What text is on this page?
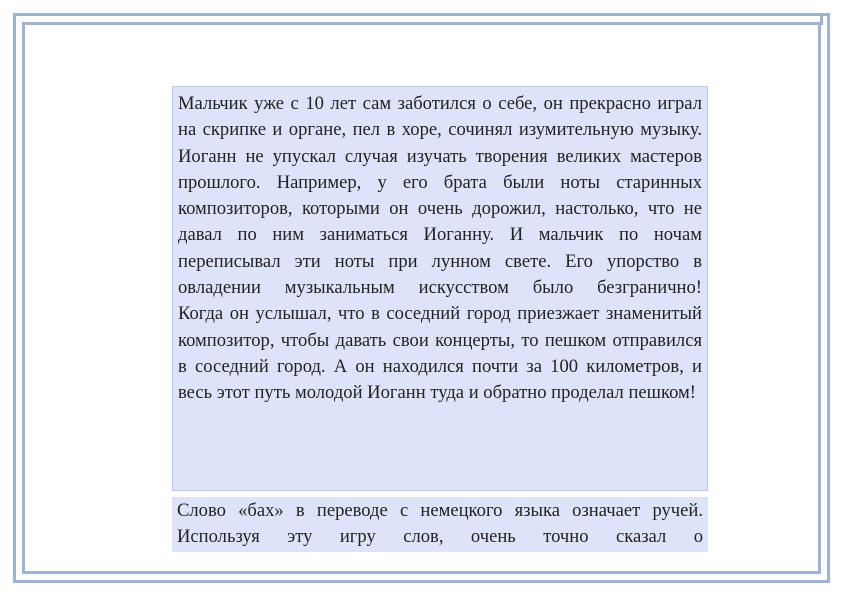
Мальчик уже с 10 лет сам заботился о себе, он прекрасно играл на скрипке и органе, пел в хоре, сочинял изумительную музыку.

Иоганн не упускал случая изучать творения великих мастеров прошлого. Например, у его брата были ноты старинных композиторов, которыми он очень дорожил, настолько, что не давал по ним заниматься Иоганну. И мальчик по ночам переписывал эти ноты при лунном свете. Его упорство в овладении музыкальным искусством было безгранично!

Когда он услышал, что в соседний город приезжает знаменитый композитор, чтобы давать свои концерты, то пешком отправился в соседний город. А он находился почти за 100 километров, и весь этот путь молодой Иоганн туда и обратно проделал пешком!

Слово «бах» в переводе с немецкого языка означает ручей. Используя эту игру слов, очень точно сказал о
